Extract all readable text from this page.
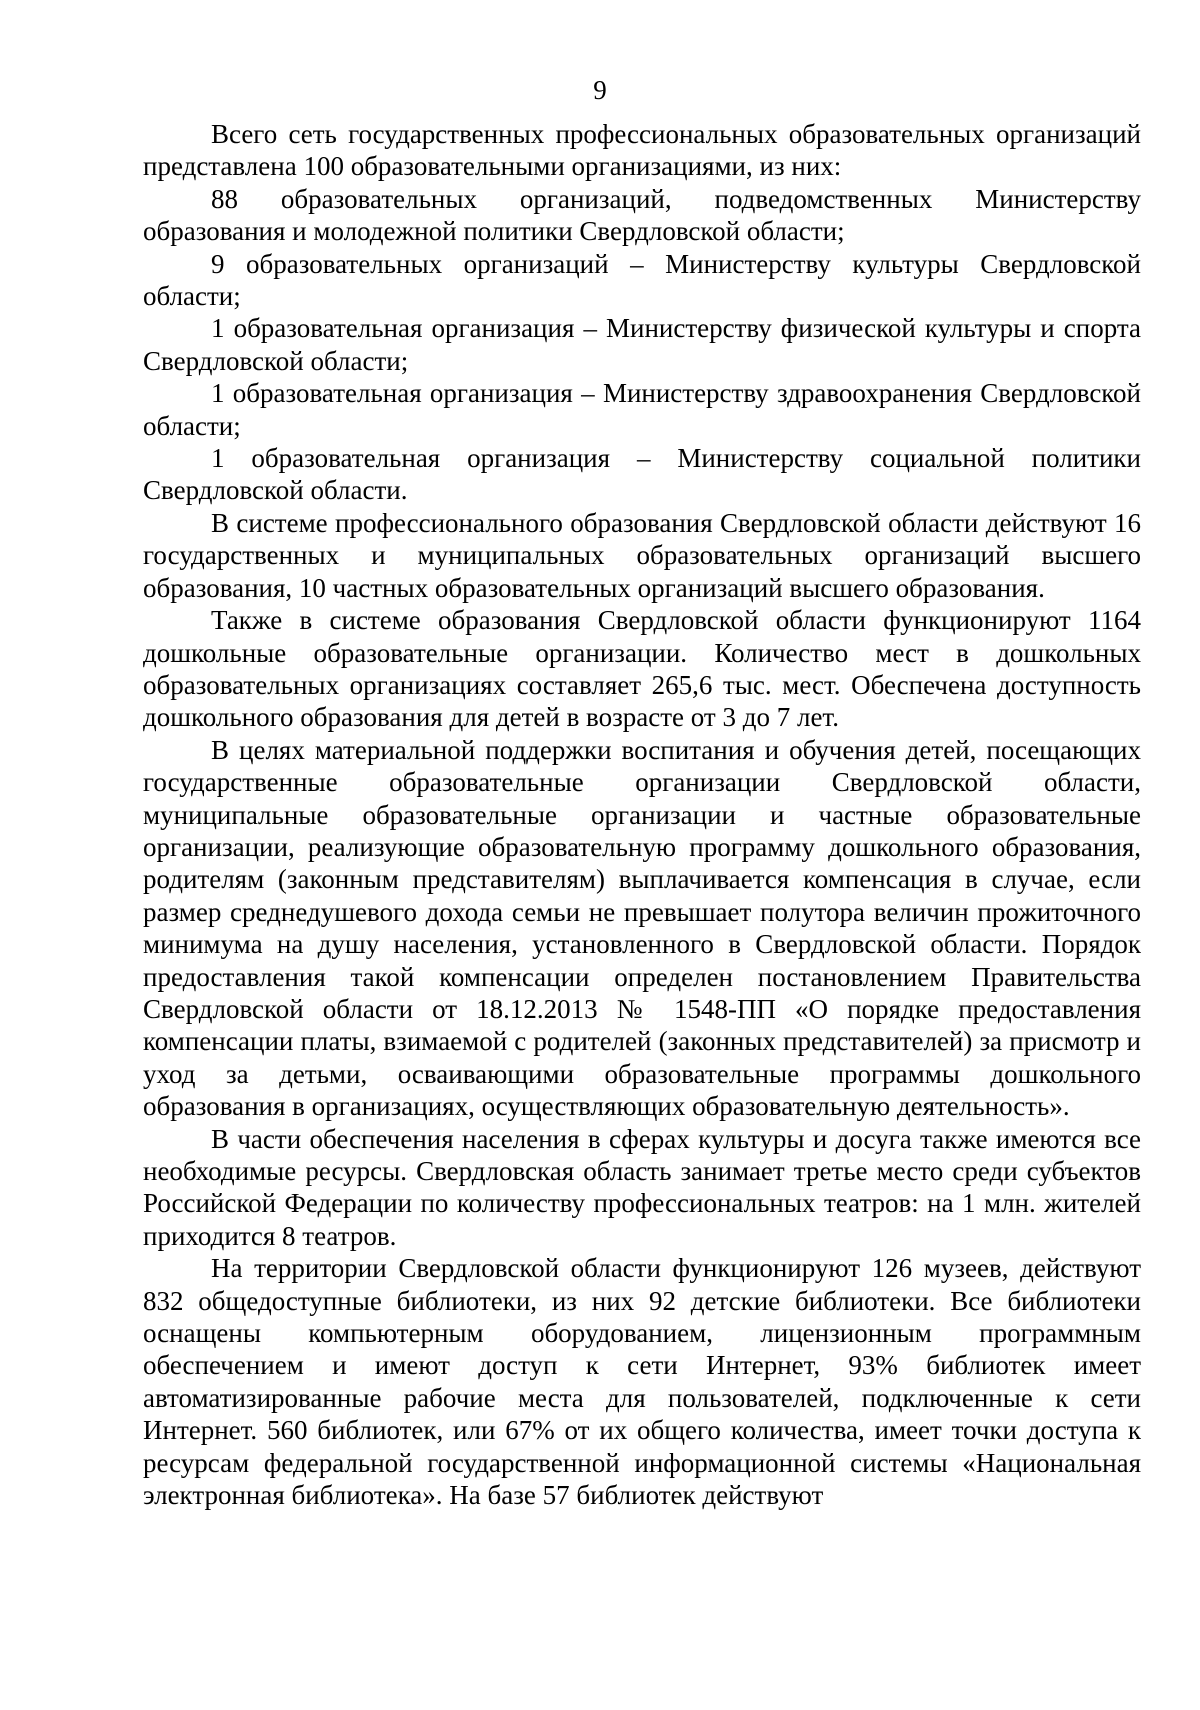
9

Всего сеть государственных профессиональных образовательных организаций представлена 100 образовательными организациями, из них:

88 образовательных организаций, подведомственных Министерству образования и молодежной политики Свердловской области;

9 образовательных организаций – Министерству культуры Свердловской области;

1 образовательная организация – Министерству физической культуры и спорта Свердловской области;

1 образовательная организация – Министерству здравоохранения Свердловской области;

1 образовательная организация – Министерству социальной политики Свердловской области.

В системе профессионального образования Свердловской области действуют 16 государственных и муниципальных образовательных организаций высшего образования, 10 частных образовательных организаций высшего образования.

Также в системе образования Свердловской области функционируют 1164 дошкольные образовательные организации. Количество мест в дошкольных образовательных организациях составляет 265,6 тыс. мест. Обеспечена доступность дошкольного образования для детей в возрасте от 3 до 7 лет.

В целях материальной поддержки воспитания и обучения детей, посещающих государственные образовательные организации Свердловской области, муниципальные образовательные организации и частные образовательные организации, реализующие образовательную программу дошкольного образования, родителям (законным представителям) выплачивается компенсация в случае, если размер среднедушевого дохода семьи не превышает полутора величин прожиточного минимума на душу населения, установленного в Свердловской области. Порядок предоставления такой компенсации определен постановлением Правительства Свердловской области от 18.12.2013 № 1548-ПП «О порядке предоставления компенсации платы, взимаемой с родителей (законных представителей) за присмотр и уход за детьми, осваивающими образовательные программы дошкольного образования в организациях, осуществляющих образовательную деятельность».

В части обеспечения населения в сферах культуры и досуга также имеются все необходимые ресурсы. Свердловская область занимает третье место среди субъектов Российской Федерации по количеству профессиональных театров: на 1 млн. жителей приходится 8 театров.

На территории Свердловской области функционируют 126 музеев, действуют 832 общедоступные библиотеки, из них 92 детские библиотеки. Все библиотеки оснащены компьютерным оборудованием, лицензионным программным обеспечением и имеют доступ к сети Интернет, 93% библиотек имеет автоматизированные рабочие места для пользователей, подключенные к сети Интернет. 560 библиотек, или 67% от их общего количества, имеет точки доступа к ресурсам федеральной государственной информационной системы «Национальная электронная библиотека». На базе 57 библиотек действуют
